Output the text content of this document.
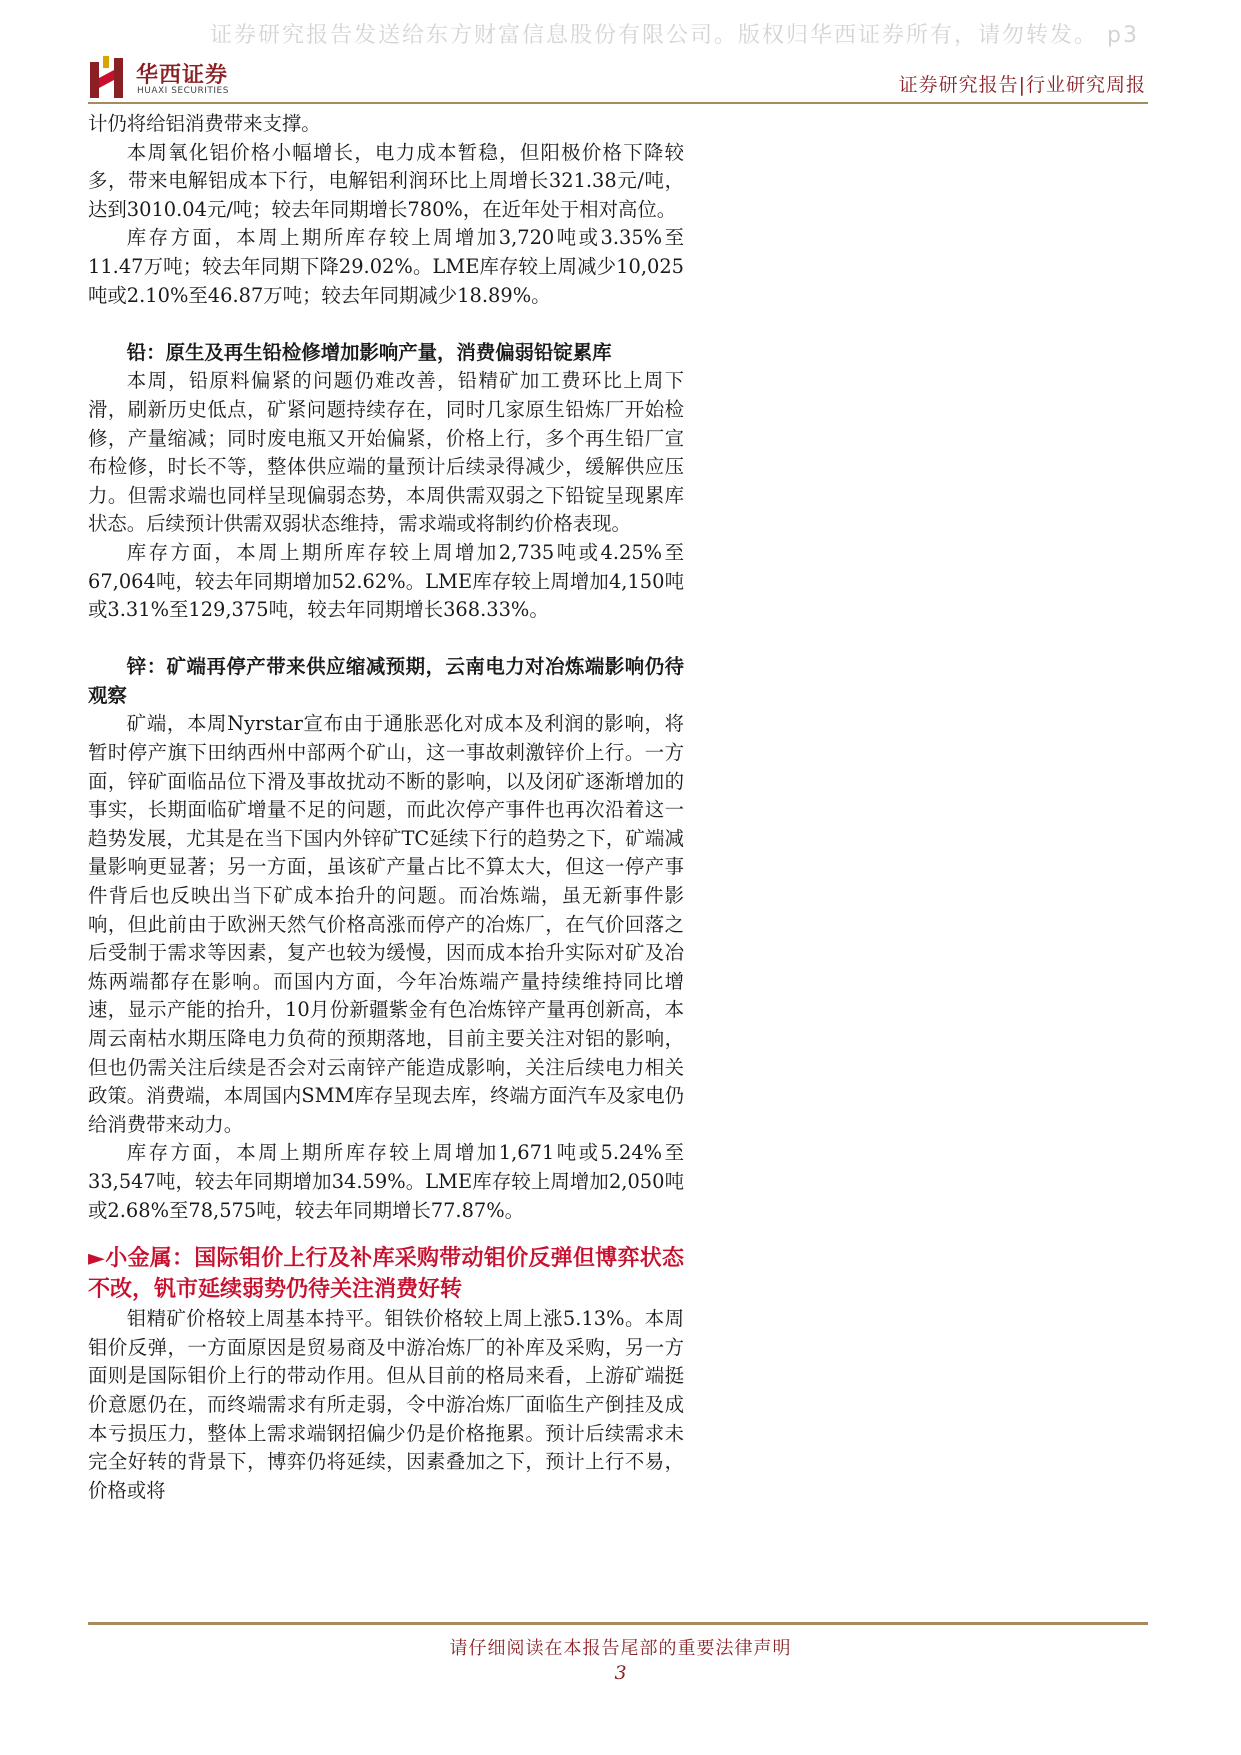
证券研究报告发送给东方财富信息股份有限公司。版权归华西证券所有，请勿转发。 p3
华西证券
HUAXI SECURITIES	证券研究报告|行业研究周报

计仍将给铝消费带来支撑。

本周氧化铝价格小幅增长，电力成本暂稳，但阳极价格下降较多，带来电解铝成本下行，电解铝利润环比上周增长321.38元/吨，达到3010.04元/吨；较去年同期增长780%，在近年处于相对高位。

库存方面，本周上期所库存较上周增加3,720吨或3.35%至11.47万吨；较去年同期下降29.02%。LME库存较上周减少10,025吨或2.10%至46.87万吨；较去年同期减少18.89%。

铅：原生及再生铅检修增加影响产量，消费偏弱铅锭累库

本周，铅原料偏紧的问题仍难改善，铅精矿加工费环比上周下滑，刷新历史低点，矿紧问题持续存在，同时几家原生铅炼厂开始检修，产量缩减；同时废电瓶又开始偏紧，价格上行，多个再生铅厂宣布检修，时长不等，整体供应端的量预计后续录得减少，缓解供应压力。但需求端也同样呈现偏弱态势，本周供需双弱之下铅锭呈现累库状态。后续预计供需双弱状态维持，需求端或将制约价格表现。

库存方面，本周上期所库存较上周增加2,735吨或4.25%至67,064吨，较去年同期增加52.62%。LME库存较上周增加4,150吨或3.31%至129,375吨，较去年同期增长368.33%。

锌：矿端再停产带来供应缩减预期，云南电力对冶炼端影响仍待观察

矿端，本周Nyrstar宣布由于通胀恶化对成本及利润的影响，将暂时停产旗下田纳西州中部两个矿山，这一事故刺激锌价上行。一方面，锌矿面临品位下滑及事故扰动不断的影响，以及闭矿逐渐增加的事实，长期面临矿增量不足的问题，而此次停产事件也再次沿着这一趋势发展，尤其是在当下国内外锌矿TC延续下行的趋势之下，矿端减量影响更显著；另一方面，虽该矿产量占比不算太大，但这一停产事件背后也反映出当下矿成本抬升的问题。而冶炼端，虽无新事件影响，但此前由于欧洲天然气价格高涨而停产的冶炼厂，在气价回落之后受制于需求等因素，复产也较为缓慢，因而成本抬升实际对矿及冶炼两端都存在影响。而国内方面，今年冶炼端产量持续维持同比增速，显示产能的抬升，10月份新疆紫金有色冶炼锌产量再创新高，本周云南枯水期压降电力负荷的预期落地，目前主要关注对铝的影响，但也仍需关注后续是否会对云南锌产能造成影响，关注后续电力相关政策。消费端，本周国内SMM库存呈现去库，终端方面汽车及家电仍给消费带来动力。

库存方面，本周上期所库存较上周增加1,671吨或5.24%至33,547吨，较去年同期增加34.59%。LME库存较上周增加2,050吨或2.68%至78,575吨，较去年同期增长77.87%。

►小金属：国际钼价上行及补库采购带动钼价反弹但博弈状态不改，钒市延续弱势仍待关注消费好转

钼精矿价格较上周基本持平。钼铁价格较上周上涨5.13%。本周钼价反弹，一方面原因是贸易商及中游冶炼厂的补库及采购，另一方面则是国际钼价上行的带动作用。但从目前的格局来看，上游矿端挺价意愿仍在，而终端需求有所走弱，令中游冶炼厂面临生产倒挂及成本亏损压力，整体上需求端钢招偏少仍是价格拖累。预计后续需求未完全好转的背景下，博弈仍将延续，因素叠加之下，预计上行不易，价格或将

请仔细阅读在本报告尾部的重要法律声明
3
